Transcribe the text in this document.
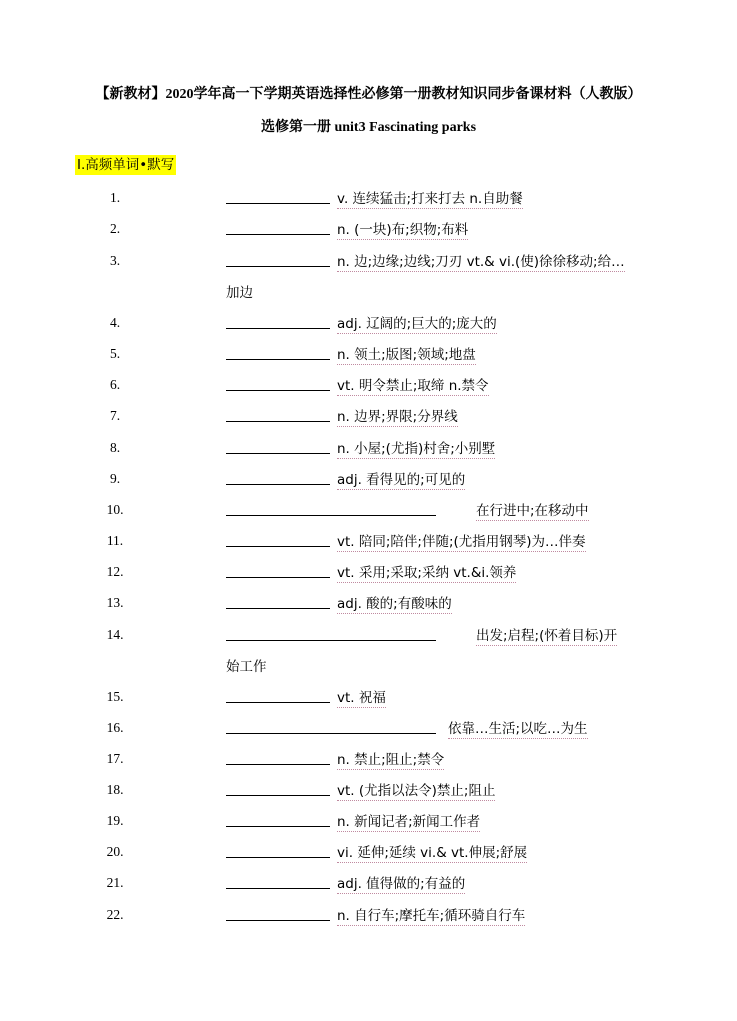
【新教材】2020学年高一下学期英语选择性必修第一册教材知识同步备课材料（人教版）
选修第一册 unit3 Fascinating parks
I.高频单词•默写
1.	v. 连续猛击;打来打去 n.自助餐
2.	n. (一块)布;织物;布料
3.	n. 边;边缘;边线;刀刃 vt.& vi.(使)徐徐移动;给…
加边
4.	adj. 辽阔的;巨大的;庞大的
5.	n. 领土;版图;领域;地盘
6.	vt. 明令禁止;取缔 n.禁令
7.	n. 边界;界限;分界线
8.	n. 小屋;(尤指)村舍;小别墅
9.	adj. 看得见的;可见的
10.	在行进中;在移动中
11.	vt. 陪同;陪伴;伴随;(尤指用钢琴)为…伴奏
12.	vt. 采用;采取;采纳 vt.&i.领养
13.	adj. 酸的;有酸味的
14.	出发;启程;(怀着目标)开
始工作
15.	vt. 祝福
16.	依靠…生活;以吃…为生
17.	n. 禁止;阻止;禁令
18.	vt. (尤指以法令)禁止;阻止
19.	n. 新闻记者;新闻工作者
20.	vi. 延伸;延续 vi.& vt.伸展;舒展
21.	adj. 值得做的;有益的
22.	n. 自行车;摩托车;循环骑自行车
